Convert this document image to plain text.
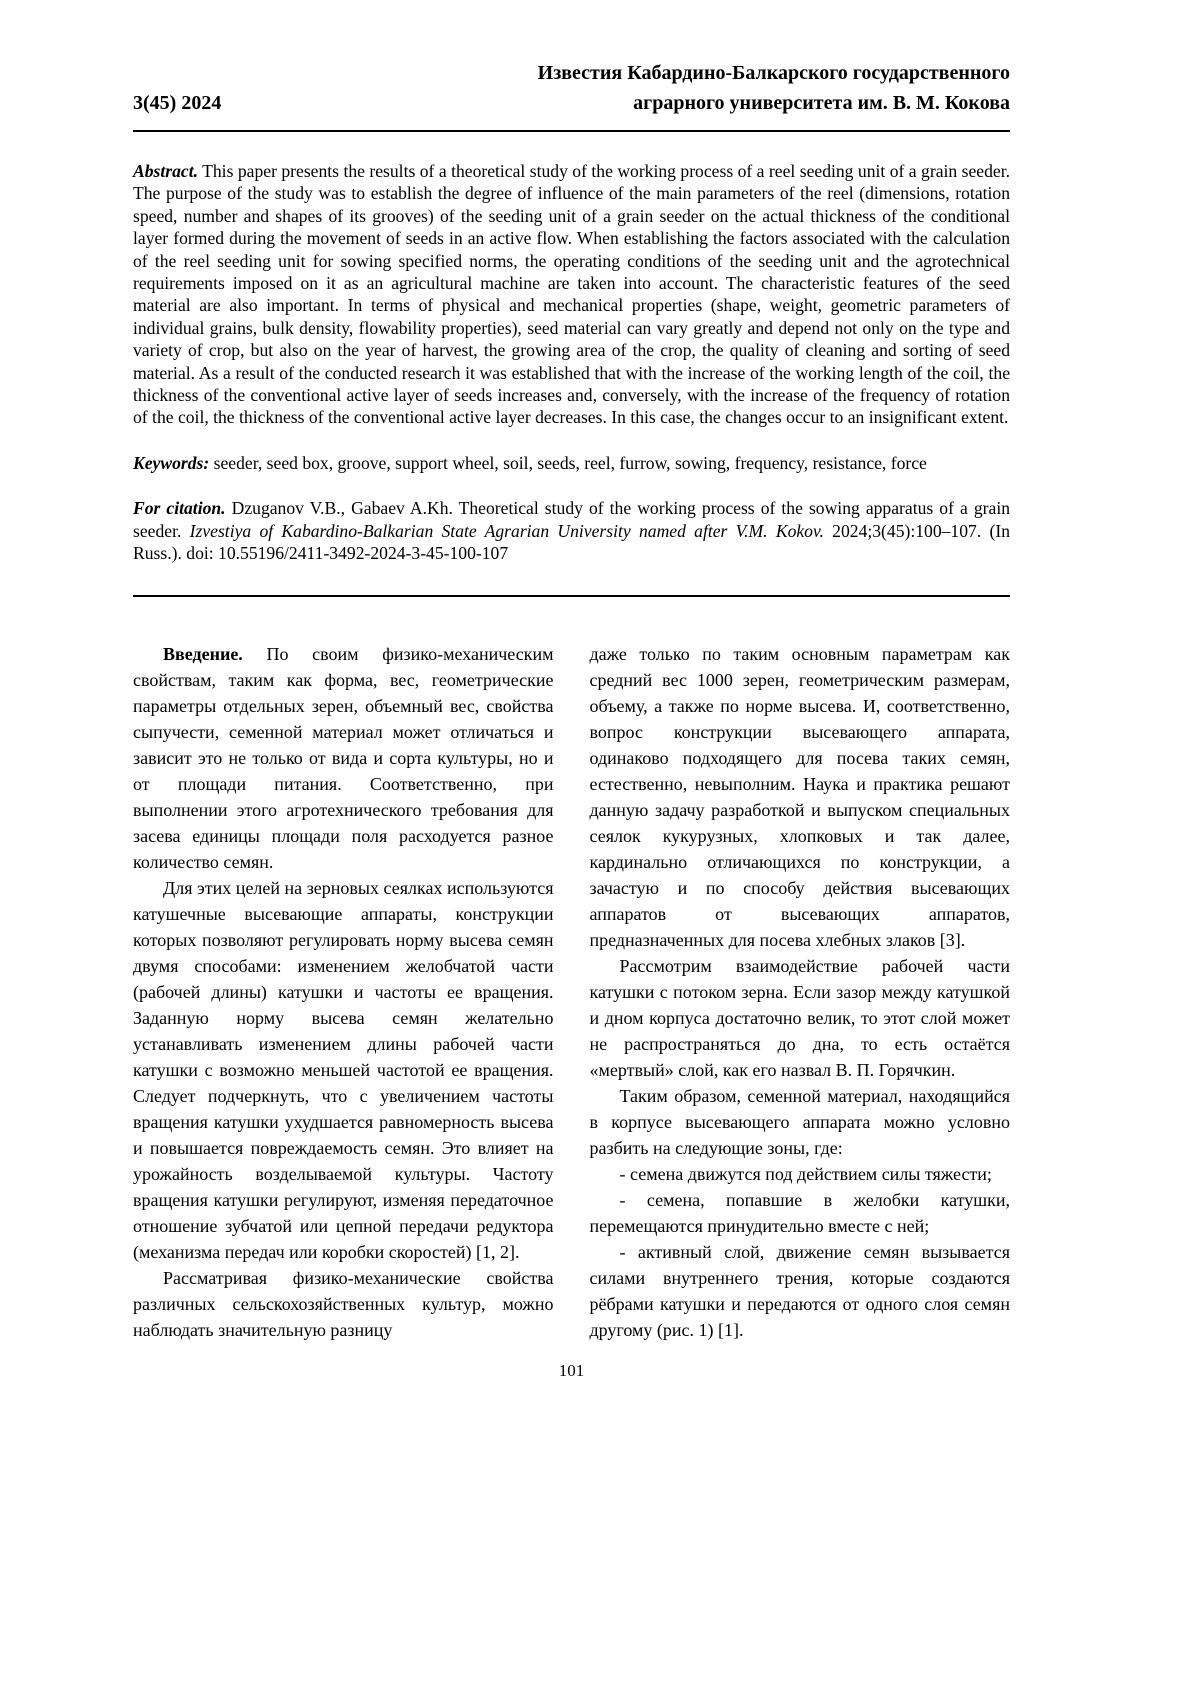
3(45) 2024
Известия Кабардино-Балкарского государственного
аграрного университета им. В. М. Кокова

Abstract. This paper presents the results of a theoretical study of the working process of a reel seeding unit of a grain seeder. The purpose of the study was to establish the degree of influence of the main parameters of the reel (dimensions, rotation speed, number and shapes of its grooves) of the seeding unit of a grain seeder on the actual thickness of the conditional layer formed during the movement of seeds in an active flow. When establishing the factors associated with the calculation of the reel seeding unit for sowing specified norms, the operating conditions of the seeding unit and the agrotechnical requirements imposed on it as an agricultural machine are taken into account. The characteristic features of the seed material are also important. In terms of physical and mechanical properties (shape, weight, geometric parameters of individual grains, bulk density, flowability properties), seed material can vary greatly and depend not only on the type and variety of crop, but also on the year of harvest, the growing area of the crop, the quality of cleaning and sorting of seed material. As a result of the conducted research it was established that with the increase of the working length of the coil, the thickness of the conventional active layer of seeds increases and, conversely, with the increase of the frequency of rotation of the coil, the thickness of the conventional active layer decreases. In this case, the changes occur to an insignificant extent.

Keywords: seeder, seed box, groove, support wheel, soil, seeds, reel, furrow, sowing, frequency, resistance, force

For citation. Dzuganov V.B., Gabaev A.Kh. Theoretical study of the working process of the sowing apparatus of a grain seeder. Izvestiya of Kabardino-Balkarian State Agrarian University named after V.M. Kokov. 2024;3(45):100–107. (In Russ.). doi: 10.55196/2411-3492-2024-3-45-100-107

Введение. По своим физико-механическим свойствам, таким как форма, вес, геометрические параметры отдельных зерен, объемный вес, свойства сыпучести, семенной материал может отличаться и зависит это не только от вида и сорта культуры, но и от площади питания. Соответственно, при выполнении этого агротехнического требования для засева единицы площади поля расходуется разное количество семян.

Для этих целей на зерновых сеялках используются катушечные высевающие аппараты, конструкции которых позволяют регулировать норму высева семян двумя способами: изменением желобчатой части (рабочей длины) катушки и частоты ее вращения. Заданную норму высева семян желательно устанавливать изменением длины рабочей части катушки с возможно меньшей частотой ее вращения. Следует подчеркнуть, что с увеличением частоты вращения катушки ухудшается равномерность высева и повышается повреждаемость семян. Это влияет на урожайность возделываемой культуры. Частоту вращения катушки регулируют, изменяя передаточное отношение зубчатой или цепной передачи редуктора (механизма передач или коробки скоростей) [1, 2].

Рассматривая физико-механические свойства различных сельскохозяйственных культур, можно наблюдать значительную разницу

даже только по таким основным параметрам как средний вес 1000 зерен, геометрическим размерам, объему, а также по норме высева. И, соответственно, вопрос конструкции высевающего аппарата, одинаково подходящего для посева таких семян, естественно, невыполним. Наука и практика решают данную задачу разработкой и выпуском специальных сеялок кукурузных, хлопковых и так далее, кардинально отличающихся по конструкции, а зачастую и по способу действия высевающих аппаратов от высевающих аппаратов, предназначенных для посева хлебных злаков [3].

Рассмотрим взаимодействие рабочей части катушки с потоком зерна. Если зазор между катушкой и дном корпуса достаточно велик, то этот слой может не распространяться до дна, то есть остаётся «мертвый» слой, как его назвал В. П. Горячкин.

Таким образом, семенной материал, находящийся в корпусе высевающего аппарата можно условно разбить на следующие зоны, где:

- семена движутся под действием силы тяжести;

- семена, попавшие в желобки катушки, перемещаются принудительно вместе с ней;

- активный слой, движение семян вызывается силами внутреннего трения, которые создаются рёбрами катушки и передаются от одного слоя семян другому (рис. 1) [1].

101
